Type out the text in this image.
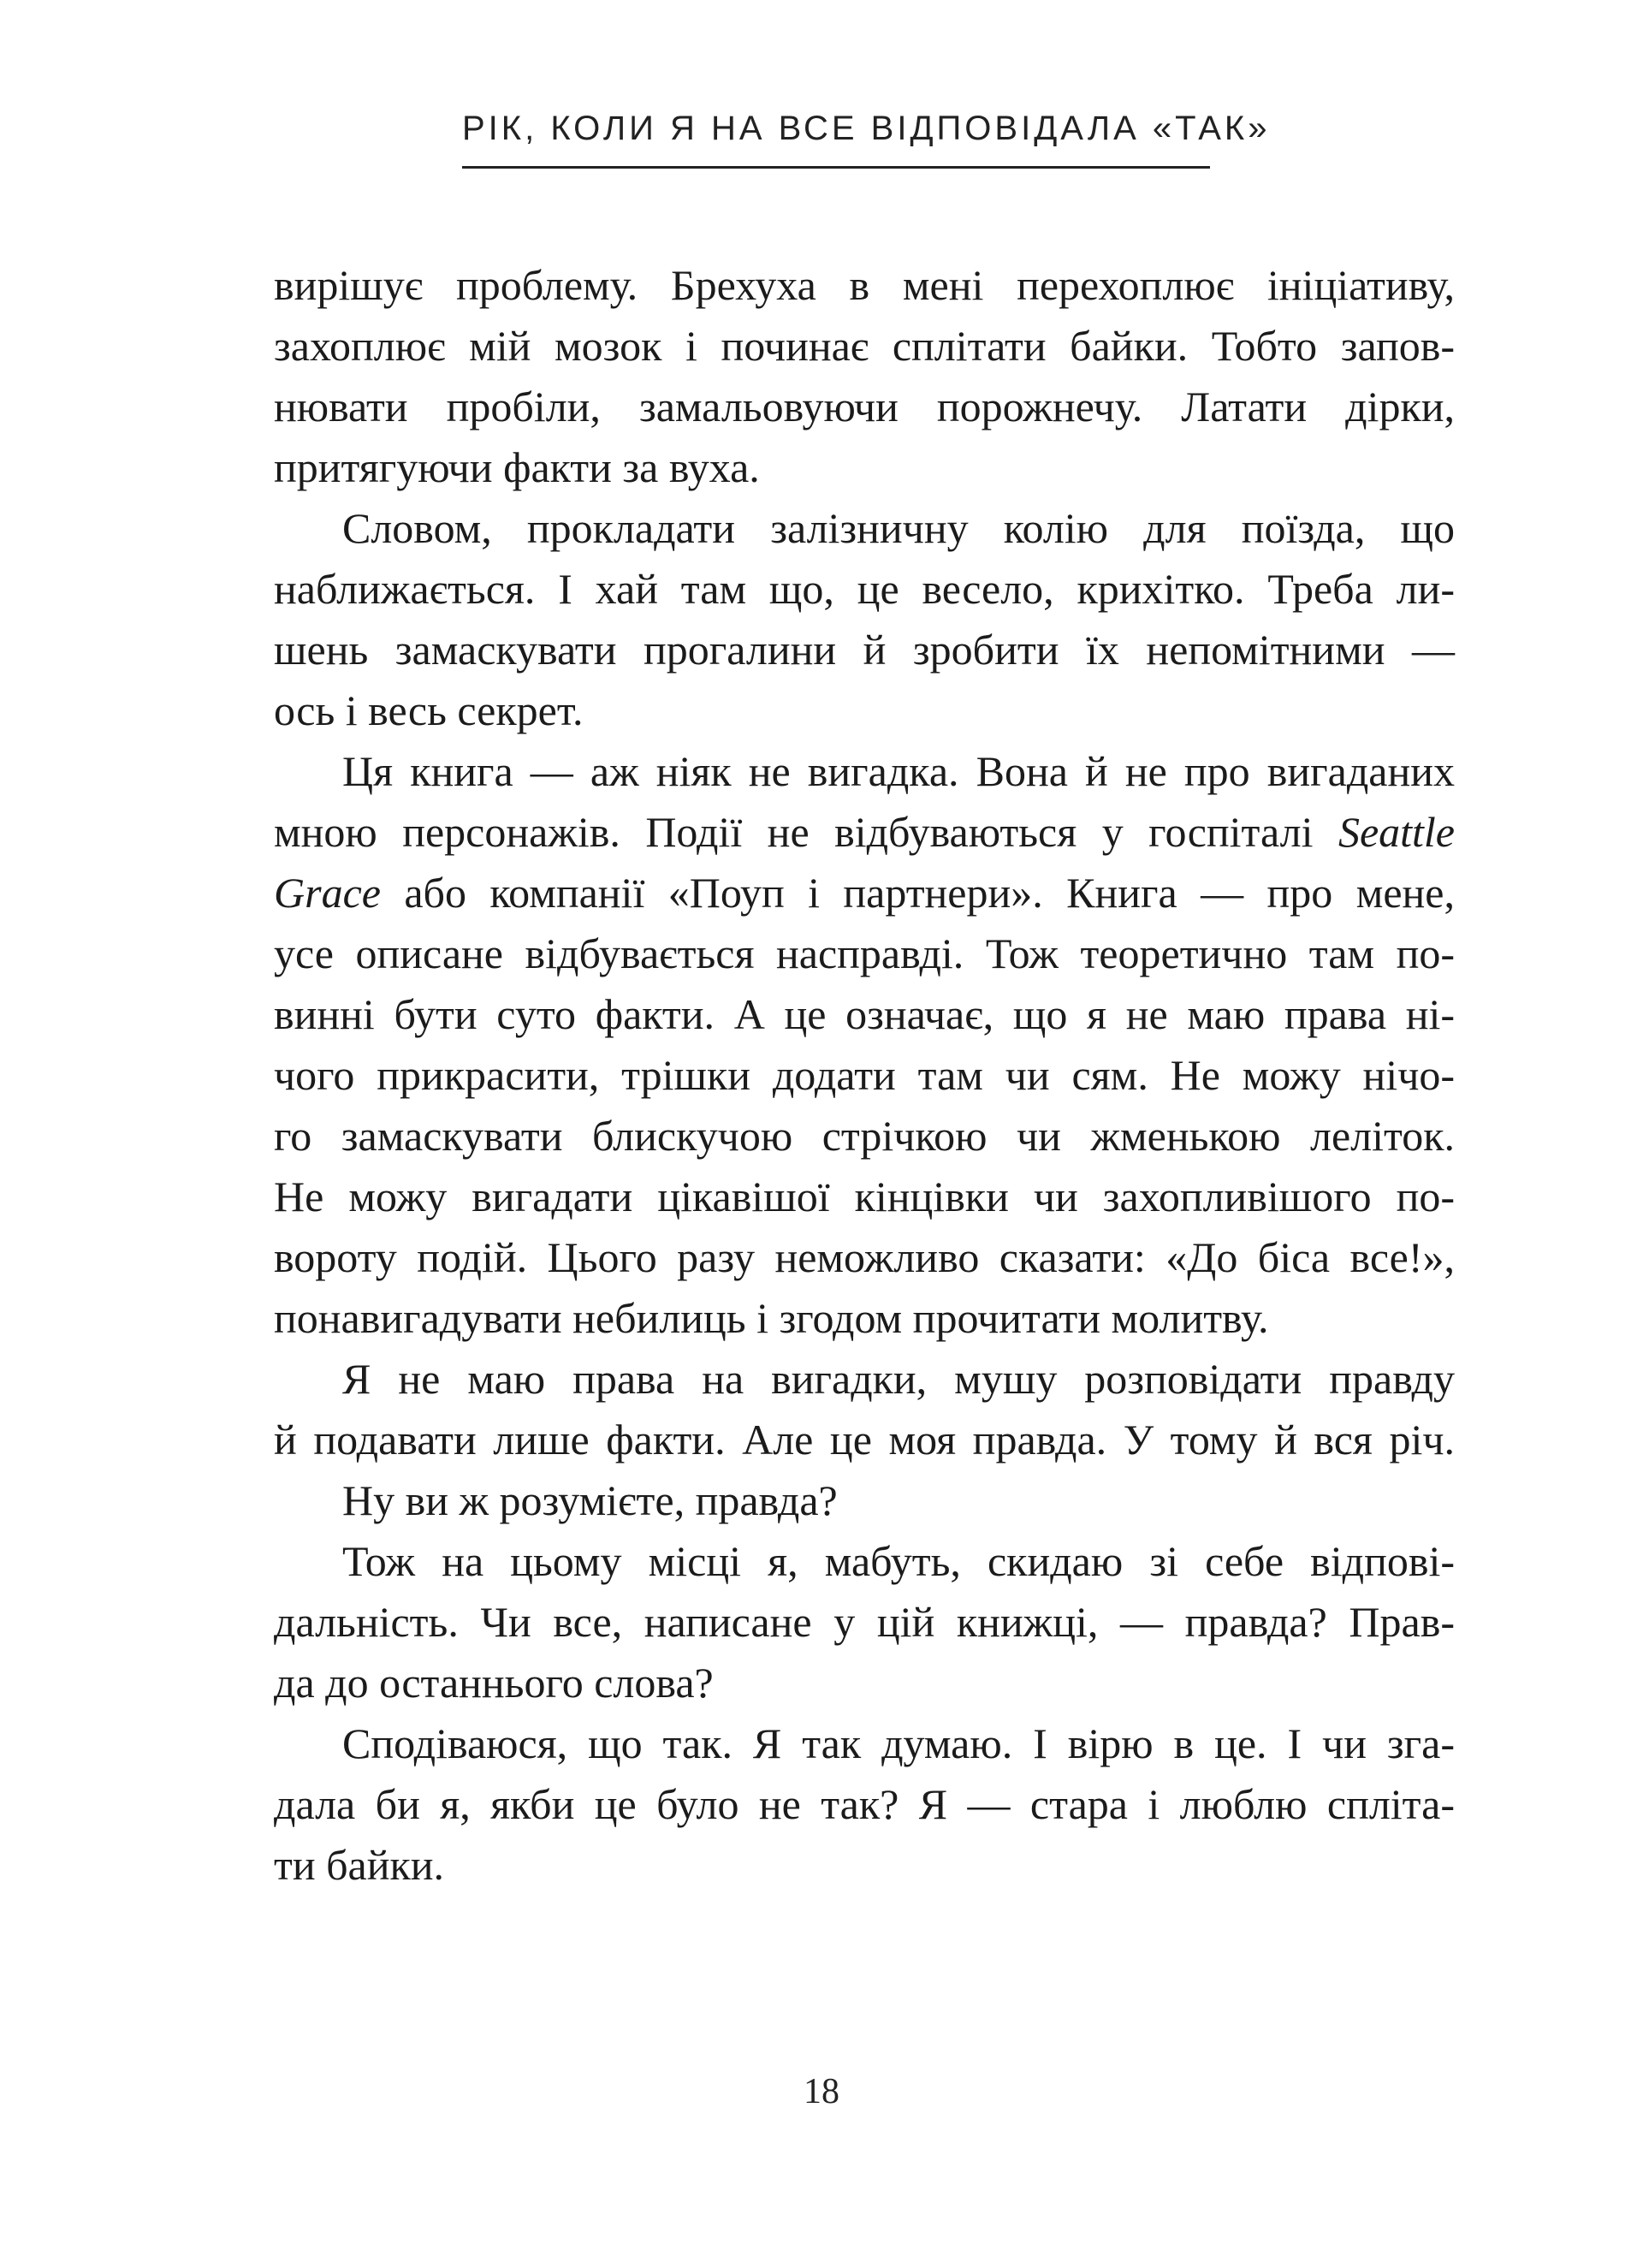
РІК, КОЛИ Я НА ВСЕ ВІДПОВІДАЛА «ТАК»
вирішує проблему. Брехуха в мені перехоплює ініціативу,
захоплює мій мозок і починає сплітати байки. Тобто запов-
нювати пробіли, замальовуючи порожнечу. Латати дірки,
притягуючи факти за вуха.
Словом, прокладати залізничну колію для поїзда, що
наближається. І хай там що, це весело, крихітко. Треба ли-
шень замаскувати прогалини й зробити їх непомітними —
ось і весь секрет.
Ця книга — аж ніяк не вигадка. Вона й не про вигаданих
мною персонажів. Події не відбуваються у госпіталі Seattle
Grace або компанії «Поуп і партнери». Книга — про мене,
усе описане відбувається насправді. Тож теоретично там по-
винні бути суто факти. А це означає, що я не маю права ні-
чого прикрасити, трішки додати там чи сям. Не можу нічо-
го замаскувати блискучою стрічкою чи жменькою леліток.
Не можу вигадати цікавішої кінцівки чи захопливішого по-
вороту подій. Цього разу неможливо сказати: «До біса все!»,
понавигадувати небилиць і згодом прочитати молитву.
Я не маю права на вигадки, мушу розповідати правду
й подавати лише факти. Але це моя правда. У тому й вся річ.
Ну ви ж розумієте, правда?
Тож на цьому місці я, мабуть, скидаю зі себе відпові-
дальність. Чи все, написане у цій книжці, — правда? Прав-
да до останнього слова?
Сподіваюся, що так. Я так думаю. І вірю в це. І чи зга-
дала би я, якби це було не так? Я — стара і люблю спліта-
ти байки.
18
